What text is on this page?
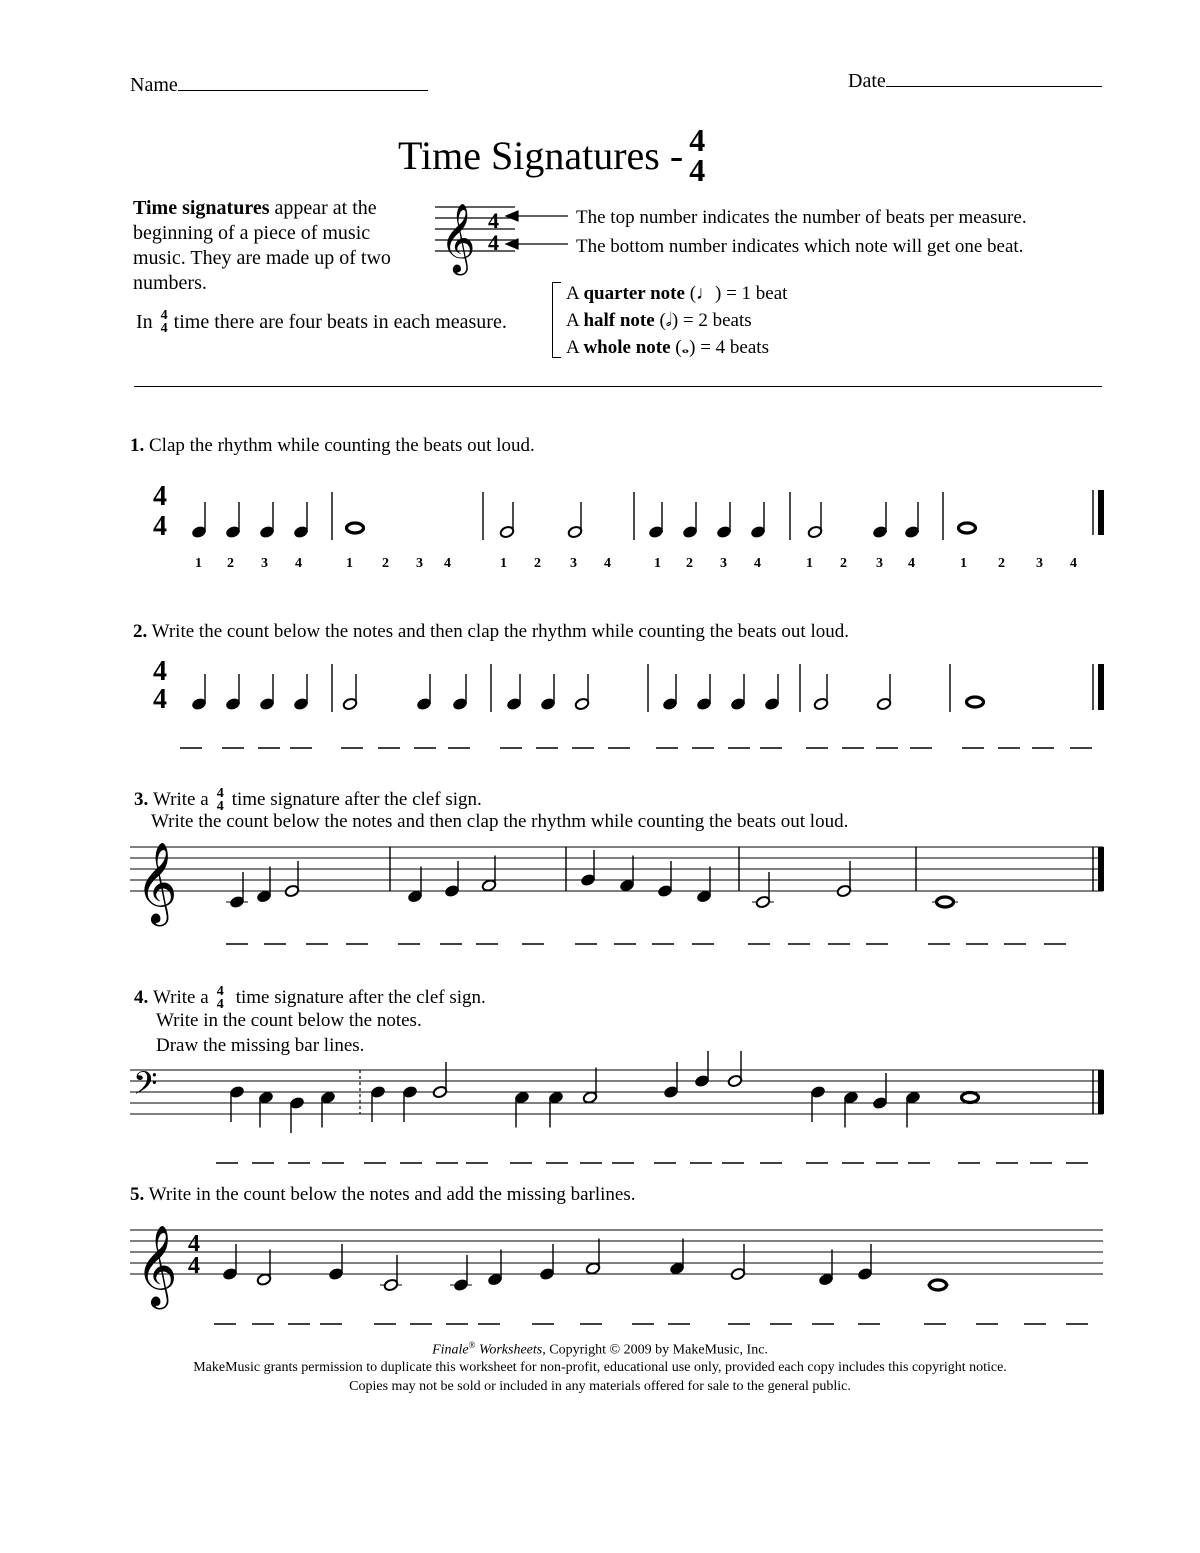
Name	Date
Time Signatures - 4
4
Time signatures appear at the
beginning of a piece of music
music. They are made up of two
numbers.
In 4
4 time there are four beats in each measure.
𝄞 4
4
The top number indicates the number of beats per measure.
The bottom number indicates which note will get one beat.
A quarter note (♩) = 1 beat
A half note (𝅗𝅥) = 2 beats
A whole note (𝅝) = 4 beats
1. Clap the rhythm while counting the beats out loud.
2. Write the count below the notes and then clap the rhythm while counting the beats out loud.
3.
Write a 4
4 time signature after the clef sign.
Write the count below the notes and then clap the rhythm while counting the beats out loud.
4.
Write a 4
4 time signature after the clef sign.
Write in the count below the notes.
Draw the missing bar lines.
5. Write in the count below the notes and add the missing barlines.
Finale® Worksheets, Copyright © 2009 by MakeMusic, Inc.
MakeMusic grants permission to duplicate this worksheet for non-profit, educational use only, provided each copy includes this copyright notice.
Copies may not be sold or included in any materials offered for sale to the general public.
4
4
1 2 3 4	1 2 3 4	1 2 3 4	1 2 3 4	1 2 3 4	1 2 3 4
4
4
𝄞
𝄢
𝄞 4
4
